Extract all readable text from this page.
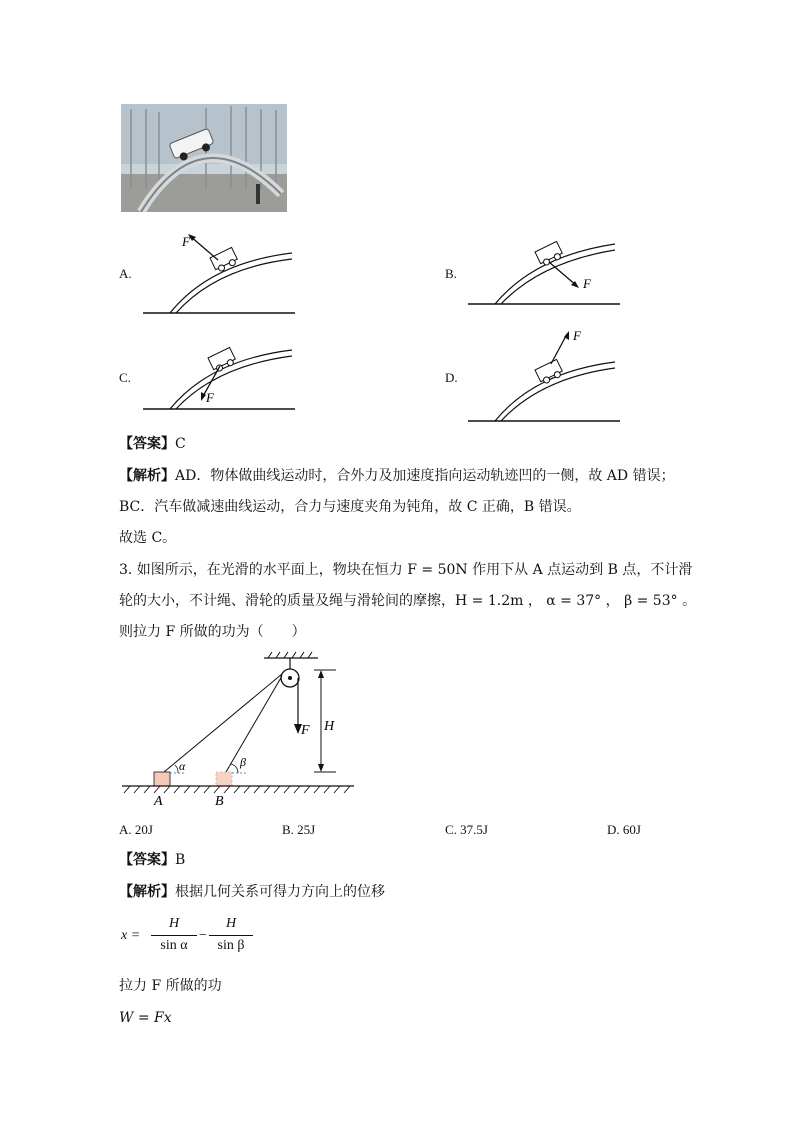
A.
F
B.
F
C.
F
D.
F
【答案】C
【解析】AD．物体做曲线运动时，合外力及加速度指向运动轨迹凹的一侧，故 AD 错误；
BC．汽车做减速曲线运动，合力与速度夹角为钝角，故 C 正确，B 错误。
故选 C。
3. 如图所示，在光滑的水平面上，物块在恒力 F = 50N 作用下从 A 点运动到 B 点，不计滑
轮的大小，不计绳、滑轮的质量及绳与滑轮间的摩擦，H = 1.2m ， α = 37° ， β = 53° 。
则拉力 F 所做的功为（　　）
F H
α	β
A	B
A. 20J	B. 25J	C. 37.5J	D. 60J
【答案】B
【解析】根据几何关系可得力方向上的位移
x =
H
sin α
−
H
sin β
拉力 F 所做的功
W = Fx
